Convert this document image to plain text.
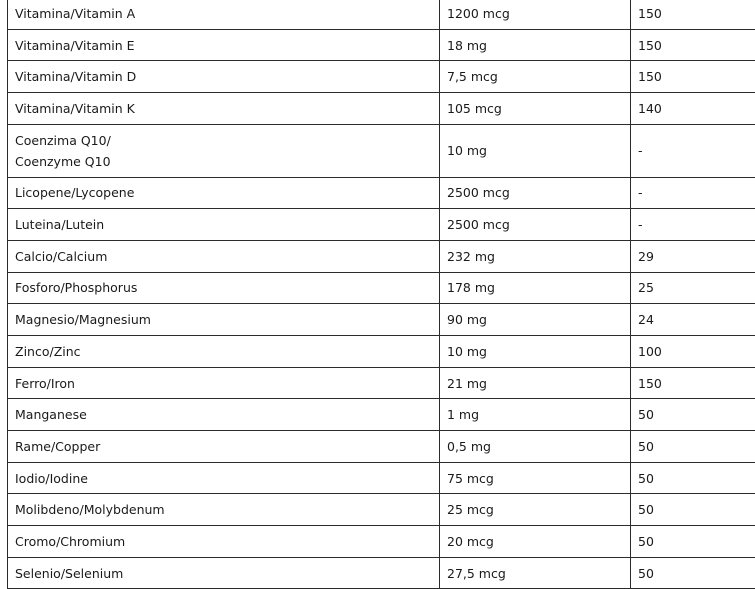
Vitamina/Vitamin A	1200 mcg	150
Vitamina/Vitamin E	18 mg	150
Vitamina/Vitamin D	7,5 mcg	150
Vitamina/Vitamin K	105 mcg	140
Coenzima Q10/
Coenzyme Q10	10 mg	-
Licopene/Lycopene	2500 mcg	-
Luteina/Lutein	2500 mcg	-
Calcio/Calcium	232 mg	29
Fosforo/Phosphorus	178 mg	25
Magnesio/Magnesium	90 mg	24
Zinco/Zinc	10 mg	100
Ferro/Iron	21 mg	150
Manganese	1 mg	50
Rame/Copper	0,5 mg	50
Iodio/Iodine	75 mcg	50
Molibdeno/Molybdenum	25 mcg	50
Cromo/Chromium	20 mcg	50
Selenio/Selenium	27,5 mcg	50
